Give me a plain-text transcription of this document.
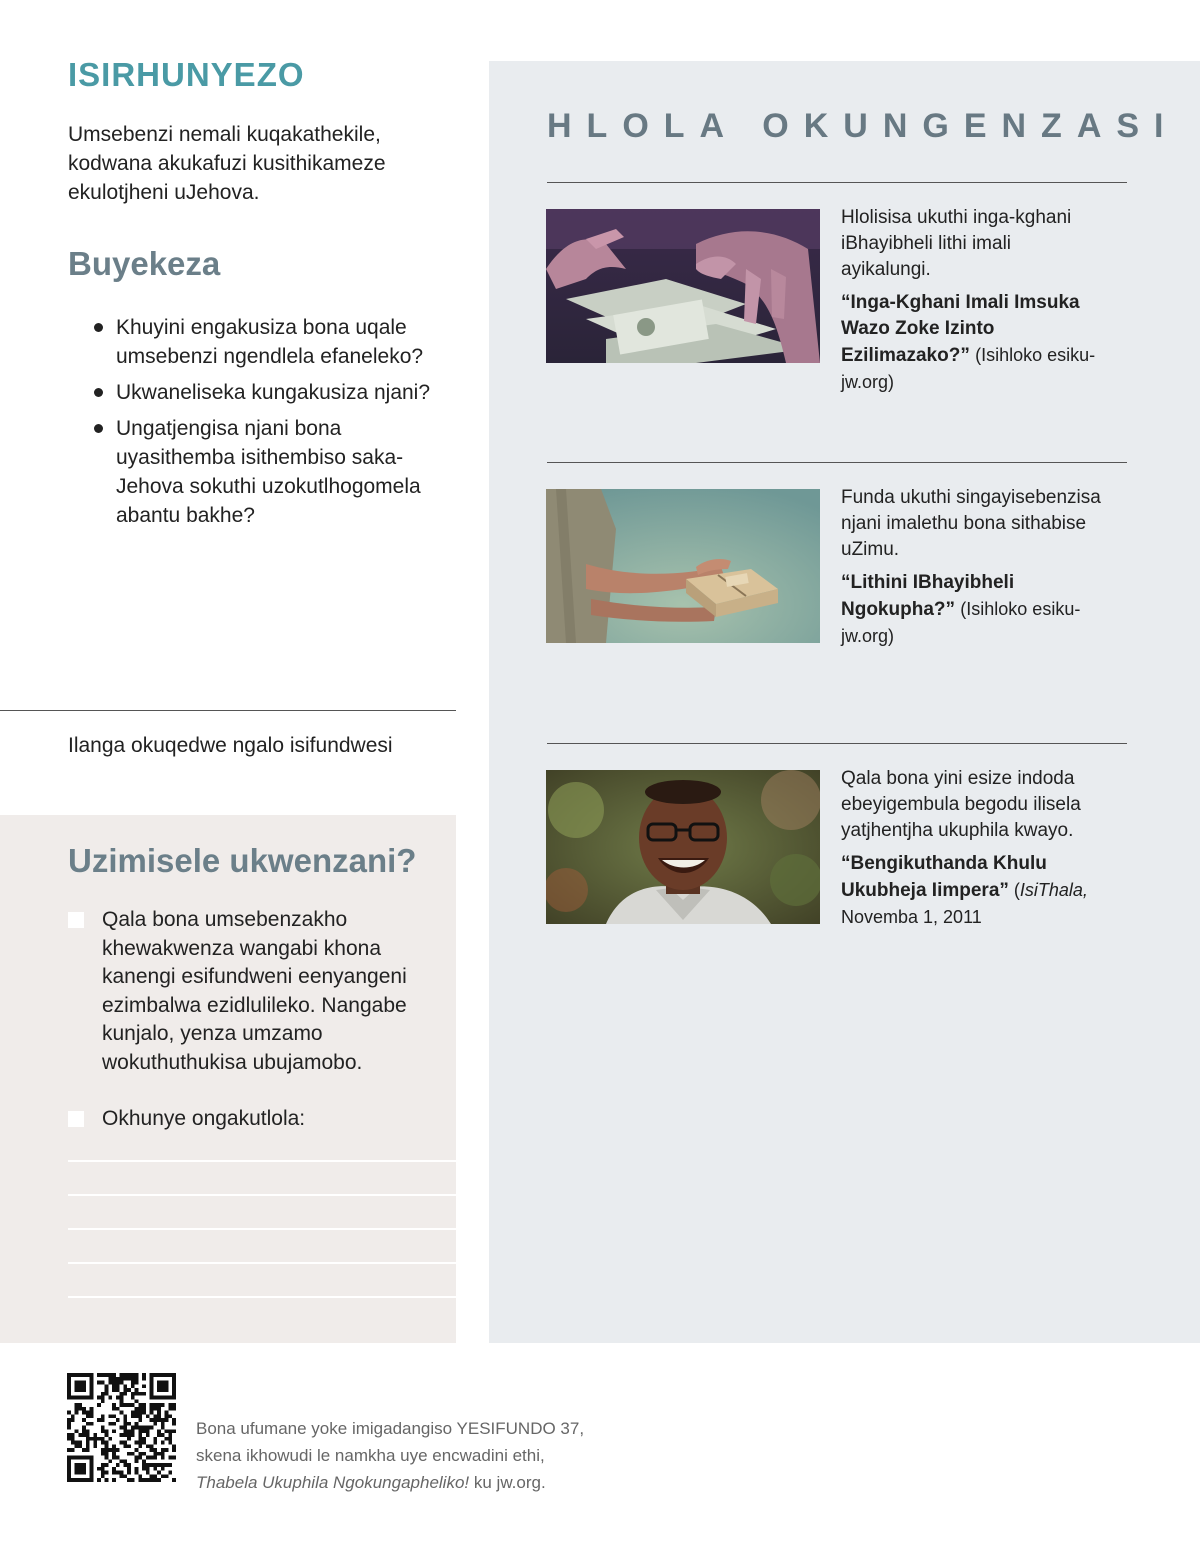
ISIRHUNYEZO

Umsebenzi nemali kuqakathekile, kodwana akukafuzi kusithikameze ekulotjheni uJehova.

Buyekeza
Khuyini engakusiza bona uqale umsebenzi ngendlela efaneleko?
Ukwaneliseka kungakusiza njani?
Ungatjengisa njani bona uyasithemba isithembiso saka-Jehova sokuthi uzokutlhogomela abantu bakhe?

Ilanga okuqedwe ngalo isifundwesi

Uzimisele ukwenzani?
Qala bona umsebenzakho khewakwenza wangabi khona kanengi esifundweni eenyangeni ezimbalwa ezidlulileko. Nangabe kunjalo, yenza umzamo wokuthuthukisa ubujamobo.
Okhunye ongakutlola:
HLOLA OKUNGENZASI

Hlolisisa ukuthi inga-kghani iBhayibheli lithi imali ayikalungi.

“Inga-Kghani Imali Imsuka Wazo Zoke Izinto Ezilimazako?” (Isihloko esiku-jw.org)

Funda ukuthi singayisebenzisa njani imalethu bona sithabise uZimu.

“Lithini IBhayibheli Ngokupha?” (Isihloko esiku-jw.org)

Qala bona yini esize indoda ebeyigembula begodu ilisela yatjhentjha ukuphila kwayo.

“Bengikuthanda Khulu Ukubheja Iimpera” (IsiThala, Novemba 1, 2011

Bona ufumane yoke imigadangiso YESIFUNDO 37,
skena ikhowudi le namkha uye encwadini ethi,
Thabela Ukuphila Ngokungapheliko! ku jw.org.
